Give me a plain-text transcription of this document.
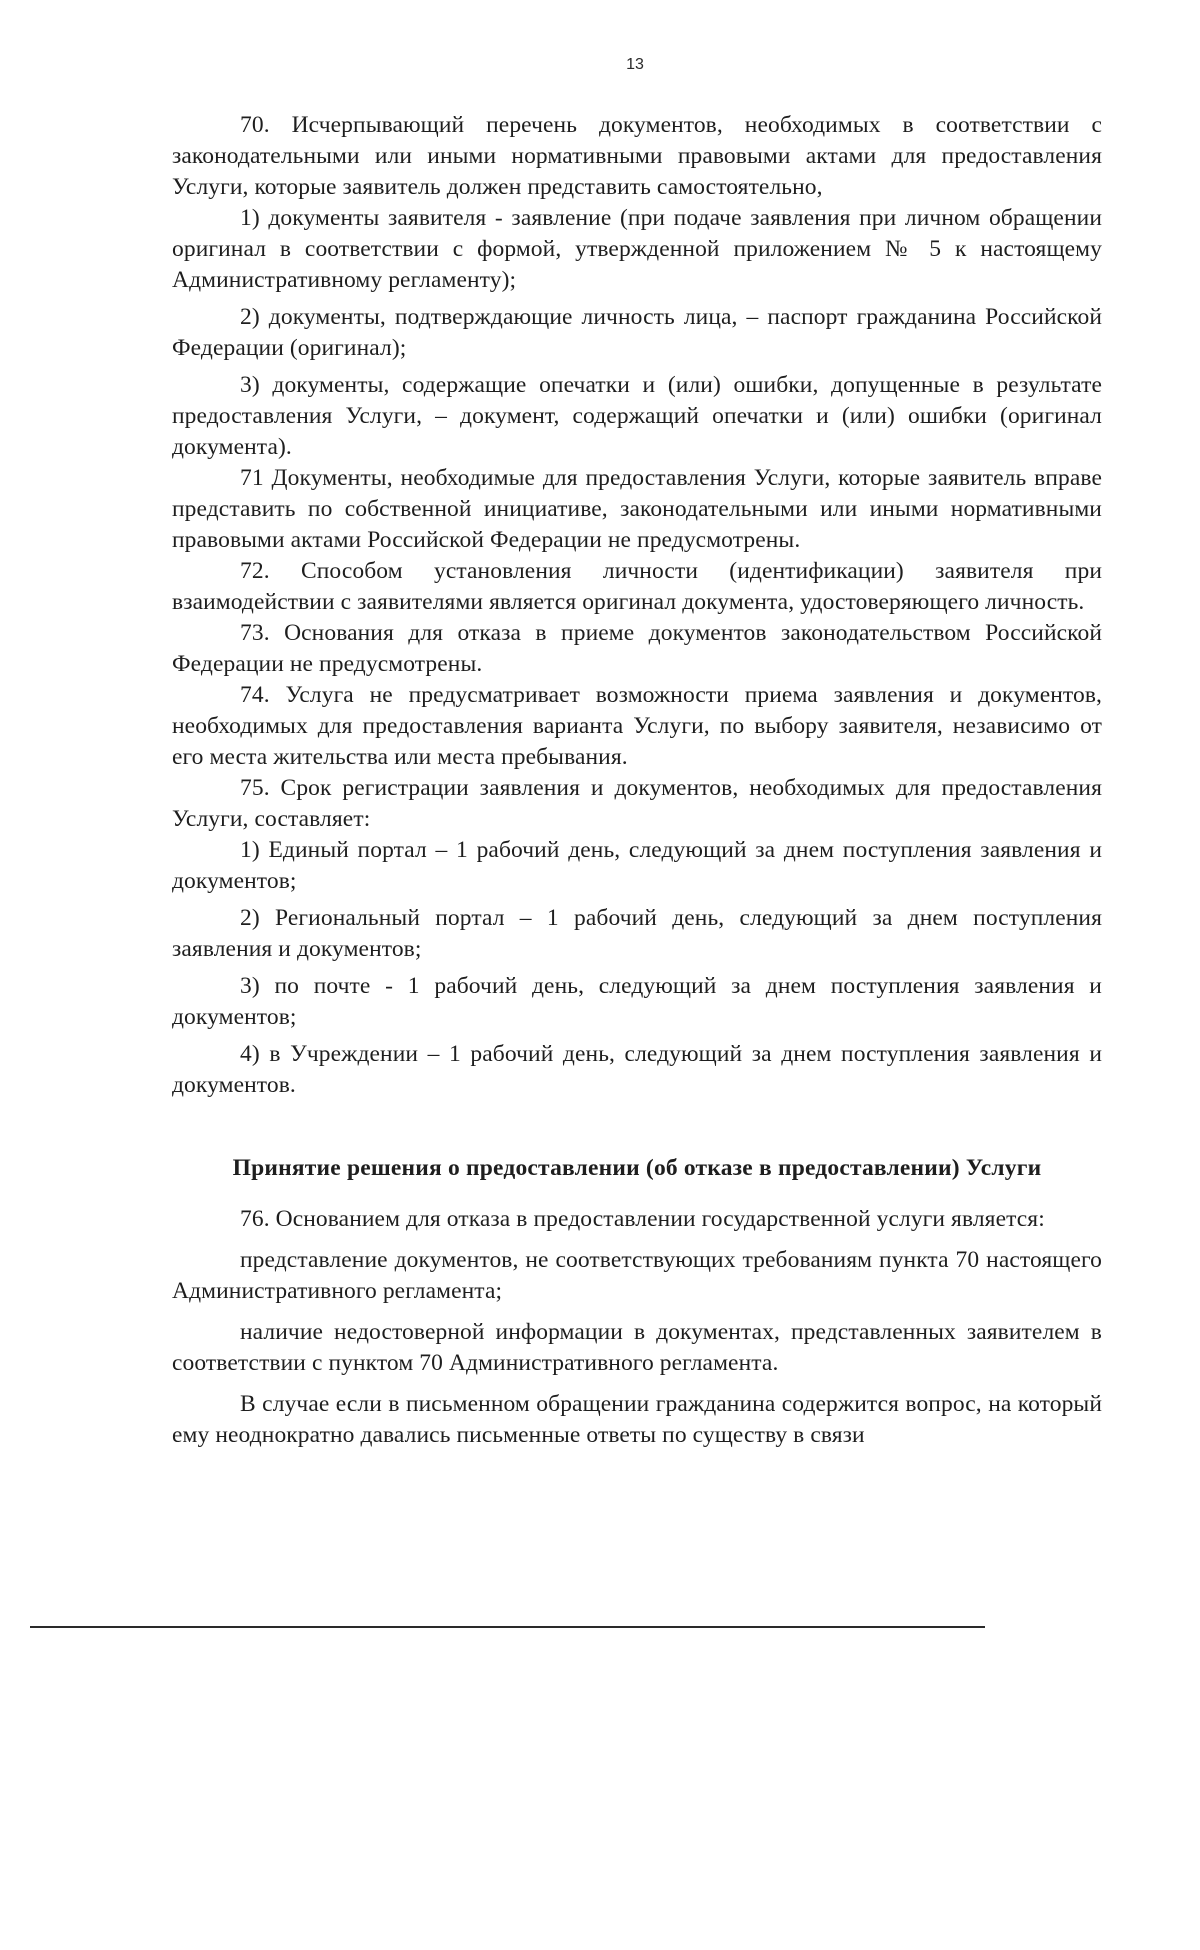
13

70. Исчерпывающий перечень документов, необходимых в соответствии с законодательными или иными нормативными правовыми актами для предоставления Услуги, которые заявитель должен представить самостоятельно,

1) документы заявителя - заявление (при подаче заявления при личном обращении оригинал в соответствии с формой, утвержденной приложением № 5 к настоящему Административному регламенту);

2) документы, подтверждающие личность лица, – паспорт гражданина Российской Федерации (оригинал);

3) документы, содержащие опечатки и (или) ошибки, допущенные в результате предоставления Услуги, – документ, содержащий опечатки и (или) ошибки (оригинал документа).

71 Документы, необходимые для предоставления Услуги, которые заявитель вправе представить по собственной инициативе, законодательными или иными нормативными правовыми актами Российской Федерации не предусмотрены.

72. Способом установления личности (идентификации) заявителя при взаимодействии с заявителями является оригинал документа, удостоверяющего личность.

73. Основания для отказа в приеме документов законодательством Российской Федерации не предусмотрены.

74. Услуга не предусматривает возможности приема заявления и документов, необходимых для предоставления варианта Услуги, по выбору заявителя, независимо от его места жительства или места пребывания.

75. Срок регистрации заявления и документов, необходимых для предоставления Услуги, составляет:

1) Единый портал – 1 рабочий день, следующий за днем поступления заявления и документов;

2) Региональный портал – 1 рабочий день, следующий за днем поступления заявления и документов;

3) по почте - 1 рабочий день, следующий за днем поступления заявления и документов;

4) в Учреждении – 1 рабочий день, следующий за днем поступления заявления и документов.

Принятие решения о предоставлении (об отказе в предоставлении) Услуги

76. Основанием для отказа в предоставлении государственной услуги является:

представление документов, не соответствующих требованиям пункта 70 настоящего Административного регламента;

наличие недостоверной информации в документах, представленных заявителем в соответствии с пунктом 70 Административного регламента.

В случае если в письменном обращении гражданина содержится вопрос, на который ему неоднократно давались письменные ответы по существу в связи
